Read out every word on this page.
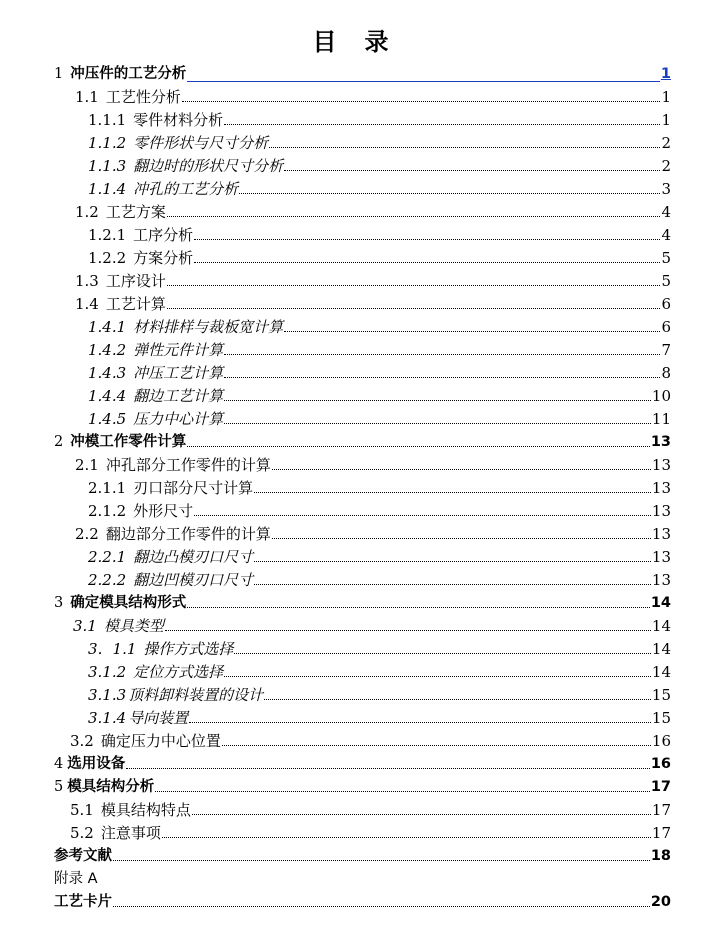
目 录
1 冲压件的工艺分析	1
1.1 工艺性分析	1
1.1.1 零件材料分析	1
1.1.2 零件形状与尺寸分析	2
1.1.3 翻边时的形状尺寸分析	2
1.1.4 冲孔的工艺分析	3
1.2 工艺方案	4
1.2.1 工序分析	4
1.2.2 方案分析	5
1.3 工序设计	5
1.4 工艺计算	6
1.4.1 材料排样与裁板宽计算	6
1.4.2 弹性元件计算	7
1.4.3 冲压工艺计算	8
1.4.4 翻边工艺计算	10
1.4.5 压力中心计算	11
2 冲模工作零件计算	13
2.1 冲孔部分工作零件的计算	13
2.1.1 刃口部分尺寸计算	13
2.1.2 外形尺寸	13
2.2 翻边部分工作零件的计算	13
2.2.1 翻边凸模刃口尺寸	13
2.2.2 翻边凹模刃口尺寸	13
3 确定模具结构形式	14
3.1 模具类型	14
3．1.1 操作方式选择	14
3.1.2 定位方式选择	14
3.1.3 顶料卸料装置的设计	15
3.1.4 导向装置	15
3.2 确定压力中心位置	16
4 选用设备	16
5 模具结构分析	17
5.1 模具结构特点	17
5.2 注意事项	17
参考文献	18
附录 A
工艺卡片	20
